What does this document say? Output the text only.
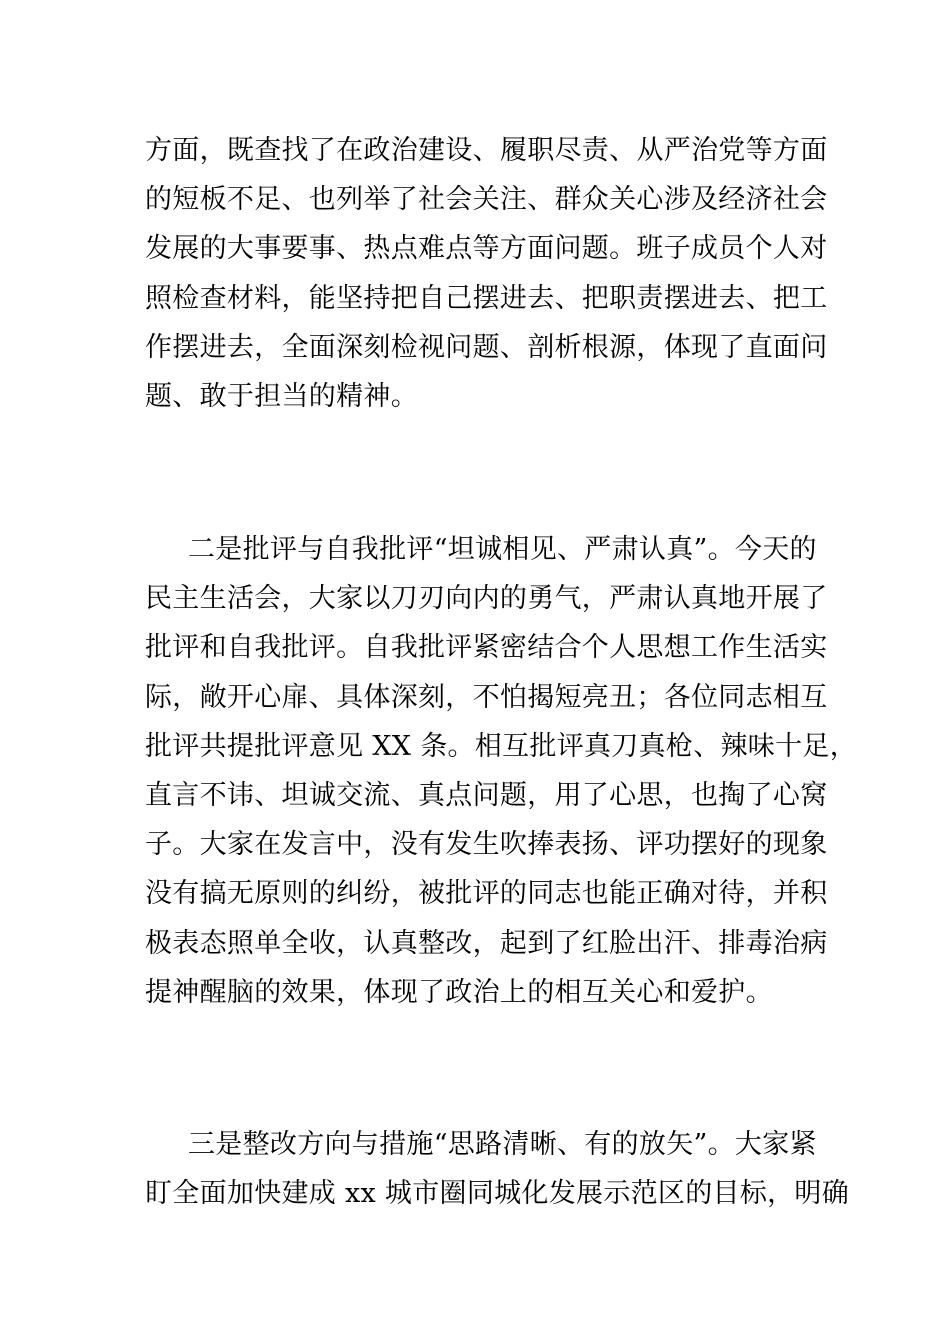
方面，既查找了在政治建设、履职尽责、从严治党等方面
的短板不足、也列举了社会关注、群众关心涉及经济社会
发展的大事要事、热点难点等方面问题。班子成员个人对
照检查材料，能坚持把自己摆进去、把职责摆进去、把工
作摆进去，全面深刻检视问题、剖析根源，体现了直面问
题、敢于担当的精神。
二是批评与自我批评“坦诚相见、严肃认真”。今天的
民主生活会，大家以刀刃向内的勇气，严肃认真地开展了
批评和自我批评。自我批评紧密结合个人思想工作生活实
际，敞开心扉、具体深刻，不怕揭短亮丑；各位同志相互
批评共提批评意见 XX 条。相互批评真刀真枪、辣味十足，
直言不讳、坦诚交流、真点问题，用了心思，也掏了心窝
子。大家在发言中，没有发生吹捧表扬、评功摆好的现象
没有搞无原则的纠纷，被批评的同志也能正确对待，并积
极表态照单全收，认真整改，起到了红脸出汗、排毒治病
提神醒脑的效果，体现了政治上的相互关心和爱护。
三是整改方向与措施“思路清晰、有的放矢”。大家紧
盯全面加快建成 xx 城市圈同城化发展示范区的目标，明确
